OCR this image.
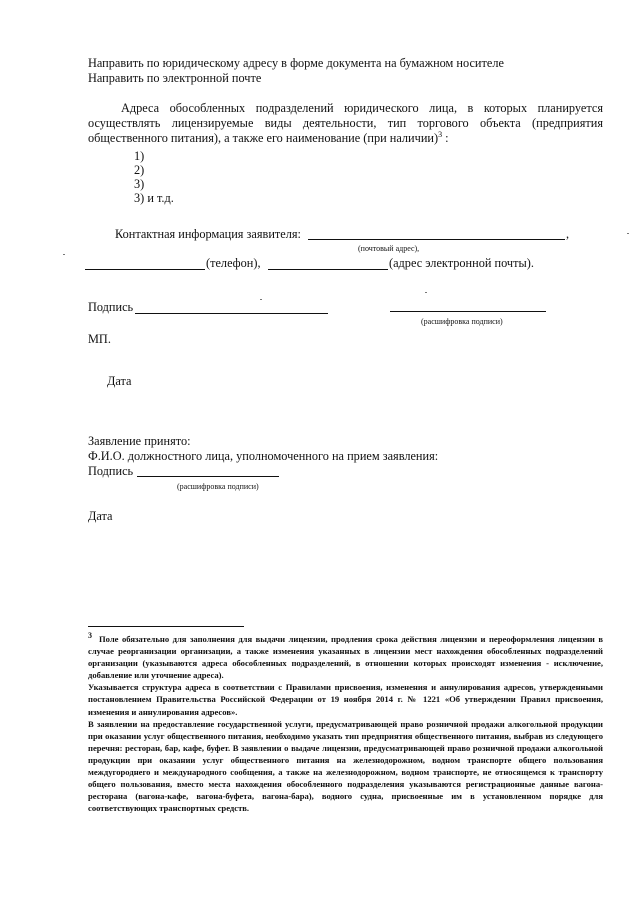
Направить по юридическому адресу в форме документа на бумажном носителе
Направить по электронной почте
Адреса обособленных подразделений юридического лица, в которых планируется
осуществлять лицензируемые виды деятельности, тип торгового объекта (предприятия
общественного питания), а также его наименование (при наличии)$^3$ :
1)
2)
3)
3) и т.д.
Контактная информация заявителя:	,
(почтовый адрес),
(телефон),	(адрес электронной почты).
Подпись
(расшифровка подписи)
МП.
Дата
Заявление принято:
Ф.И.О. должностного лица, уполномоченного на прием заявления:
Подпись
(расшифровка подписи)
Дата
$^3$ Поле обязательно для заполнения для выдачи лицензии, продления срока действия лицензии и переоформления лицензии в случае реорганизации организации, а также изменения указанных в лицензии мест нахождения обособленных подразделений организации (указываются адреса обособленных подразделений, в отношении которых происходят изменения - исключение, добавление или уточнение адреса).
Указывается структура адреса в соответствии с Правилами присвоения, изменения и аннулирования адресов, утвержденными постановлением Правительства Российской Федерации от 19 ноября 2014 г. № 1221 «Об утверждении Правил присвоения, изменения и аннулирования адресов».
В заявлении на предоставление государственной услуги, предусматривающей право розничной продажи алкогольной продукции при оказании услуг общественного питания, необходимо указать тип предприятия общественного питания, выбрав из следующего перечня: ресторан, бар, кафе, буфет. В заявлении о выдаче лицензии, предусматривающей право розничной продажи алкогольной продукции при оказании услуг общественного питания на железнодорожном, водном транспорте общего пользования междугороднего и международного сообщения, а также на железнодорожном, водном транспорте, не относящемся к транспорту общего пользования, вместо места нахождения обособленного подразделения указываются регистрационные данные вагона-ресторана (вагона-кафе, вагона-буфета, вагона-бара), водного судна, присвоенные им в установленном порядке для соответствующих транспортных средств.
